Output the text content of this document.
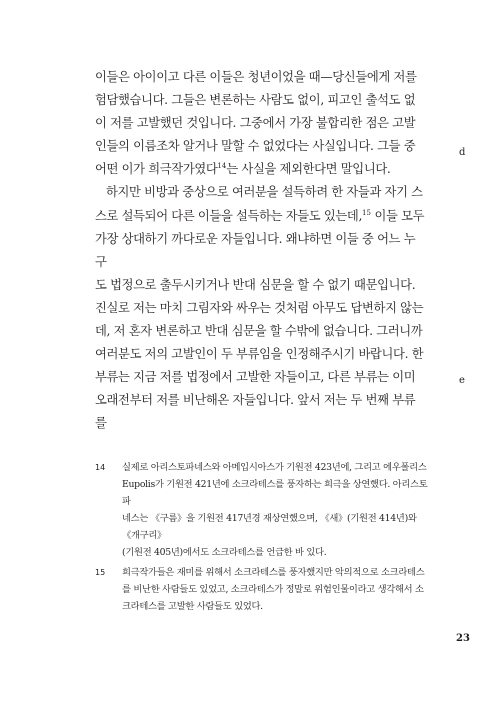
이들은 아이이고 다른 이들은 청년이었을 때—당신들에게 저를
험담했습니다. 그들은 변론하는 사람도 없이, 피고인 출석도 없
이 저를 고발했던 것입니다. 그중에서 가장 불합리한 점은 고발
인들의 이름조차 알거나 말할 수 없었다는 사실입니다. 그들 중
어떤 이가 희극작가였다$^{14}$는 사실을 제외한다면 말입니다.

하지만 비방과 중상으로 여러분을 설득하려 한 자들과 자기 스
스로 설득되어 다른 이들을 설득하는 자들도 있는데,$^{15}$ 이들 모두
가장 상대하기 까다로운 자들입니다. 왜냐하면 이들 중 어느 누구
도 법정으로 출두시키거나 반대 심문을 할 수 없기 때문입니다.
진실로 저는 마치 그림자와 싸우는 것처럼 아무도 답변하지 않는
데, 저 혼자 변론하고 반대 심문을 할 수밖에 없습니다. 그러니까
여러분도 저의 고발인이 두 부류임을 인정해주시기 바랍니다. 한
부류는 지금 저를 법정에서 고발한 자들이고, 다른 부류는 이미
오래전부터 저를 비난해온 자들입니다. 앞서 저는 두 번째 부류를

d
e
14	실제로 아리스토파네스와 아메입시아스가 기원전 423년에, 그리고 에우폴리스
Eupolis가 기원전 421년에 소크라테스를 풍자하는 희극을 상연했다. 아리스토파
네스는 《구름》을 기원전 417년경 재상연했으며, 《새》(기원전 414년)와 《개구리》
(기원전 405년)에서도 소크라테스를 언급한 바 있다.
15	희극작가들은 재미를 위해서 소크라테스를 풍자했지만 악의적으로 소크라테스
를 비난한 사람들도 있었고, 소크라테스가 정말로 위험인물이라고 생각해서 소
크라테스를 고발한 사람들도 있었다.
23
